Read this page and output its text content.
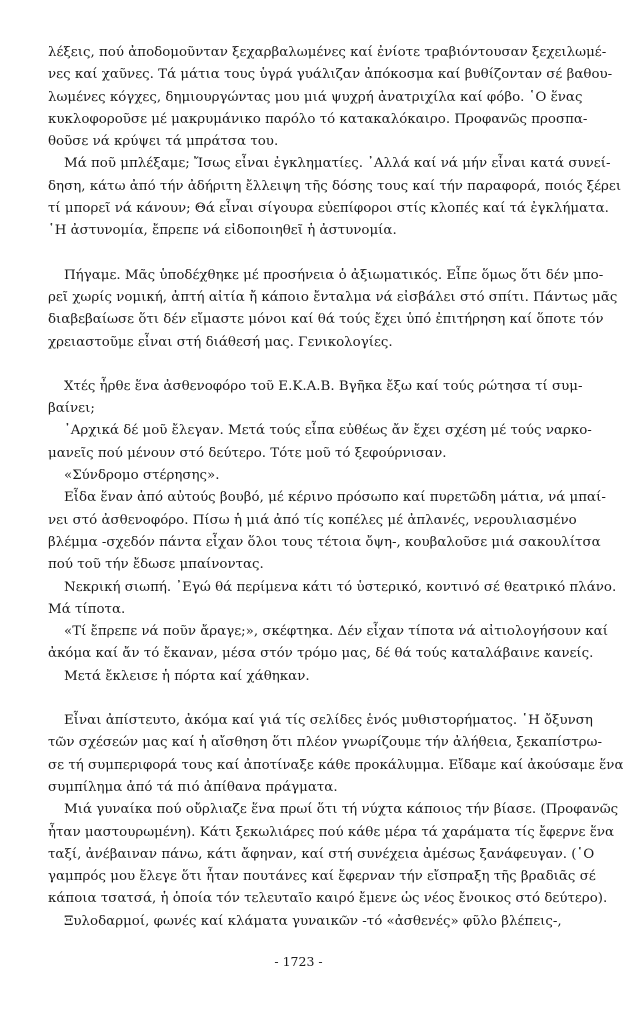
λέξεις, πού ἀποδομοῦνταν ξεχαρβαλωμένες καί ἐνίοτε τραβιόντουσαν ξεχειλωμέ-
νες καί χαῦνες. Τά μάτια τους ὑγρά γυάλιζαν ἀπόκοσμα καί βυθίζονταν σέ βαθου-
λωμένες κόγχες, δημιουργώντας μου μιά ψυχρή ἀνατριχίλα καί φόβο. ῾Ο ἕνας
κυκλοφοροῦσε μέ μακρυμάνικο παρόλο τό κατακαλόκαιρο. Προφανῶς προσπα-
θοῦσε νά κρύψει τά μπράτσα του.
Μά ποῦ μπλέξαμε; Ἴσως εἶναι ἐγκληματίες. ᾿Αλλά καί νά μήν εἶναι κατά συνεί-
δηση, κάτω ἀπό τήν ἀδήριτη ἔλλειψη τῆς δόσης τους καί τήν παραφορά, ποιός ξέρει
τί μπορεῖ νά κάνουν; Θά εἶναι σίγουρα εὐεπίφοροι στίς κλοπές καί τά ἐγκλήματα.
῾Η ἀστυνομία, ἔπρεπε νά εἰδοποιηθεῖ ἡ ἀστυνομία.
Πήγαμε. Μᾶς ὑποδέχθηκε μέ προσήνεια ὁ ἀξιωματικός. Εἶπε ὅμως ὅτι δέν μπο-
ρεῖ χωρίς νομική, ἀπτή αἰτία ἤ κάποιο ἔνταλμα νά εἰσβάλει στό σπίτι. Πάντως μᾶς
διαβεβαίωσε ὅτι δέν εἴμαστε μόνοι καί θά τούς ἔχει ὑπό ἐπιτήρηση καί ὅποτε τόν
χρειαστοῦμε εἶναι στή διάθεσή μας. Γενικολογίες.
Χτές ἦρθε ἕνα ἀσθενοφόρο τοῦ Ε.Κ.Α.Β. Βγῆκα ἔξω καί τούς ρώτησα τί συμ-
βαίνει;
᾿Αρχικά δέ μοῦ ἔλεγαν. Μετά τούς εἶπα εὐθέως ἄν ἔχει σχέση μέ τούς ναρκο-
μανεῖς πού μένουν στό δεύτερο. Τότε μοῦ τό ξεφούρνισαν.
«Σύνδρομο στέρησης».
Εἶδα ἕναν ἀπό αὐτούς βουβό, μέ κέρινο πρόσωπο καί πυρετῶδη μάτια, νά μπαί-
νει στό ἀσθενοφόρο. Πίσω ἡ μιά ἀπό τίς κοπέλες μέ ἀπλανές, νερουλιασμένο
βλέμμα -σχεδόν πάντα εἶχαν ὅλοι τους τέτοια ὄψη-, κουβαλοῦσε μιά σακουλίτσα
πού τοῦ τήν ἔδωσε μπαίνοντας.
Νεκρική σιωπή. ᾿Εγώ θά περίμενα κάτι τό ὑστερικό, κοντινό σέ θεατρικό πλάνο.
Μά τίποτα.
«Τί ἔπρεπε νά ποῦν ἄραγε;», σκέφτηκα. Δέν εἶχαν τίποτα νά αἰτιολογήσουν καί
ἀκόμα καί ἄν τό ἔκαναν, μέσα στόν τρόμο μας, δέ θά τούς καταλάβαινε κανείς.
Μετά ἔκλεισε ἡ πόρτα καί χάθηκαν.
Εἶναι ἀπίστευτο, ἀκόμα καί γιά τίς σελίδες ἑνός μυθιστορήματος. ῾Η ὄξυνση
τῶν σχέσεών μας καί ἡ αἴσθηση ὅτι πλέον γνωρίζουμε τήν ἀλήθεια, ξεκαπίστρω-
σε τή συμπεριφορά τους καί ἀποτίναξε κάθε προκάλυμμα. Εἴδαμε καί ἀκούσαμε ἕνα
συμπίλημα ἀπό τά πιό ἀπίθανα πράγματα.
Μιά γυναίκα πού οὔρλιαζε ἕνα πρωί ὅτι τή νύχτα κάποιος τήν βίασε. (Προφανῶς
ἦταν μαστουρωμένη). Κάτι ξεκωλιάρες πού κάθε μέρα τά χαράματα τίς ἔφερνε ἕνα
ταξί, ἀνέβαιναν πάνω, κάτι ἄφηναν, καί στή συνέχεια ἀμέσως ξανάφευγαν. (῾Ο
γαμπρός μου ἔλεγε ὅτι ἦταν πουτάνες καί ἔφερναν τήν εἴσπραξη τῆς βραδιᾶς σέ
κάποια τσατσά, ἡ ὁποία τόν τελευταῖο καιρό ἔμενε ὡς νέος ἔνοικος στό δεύτερο).
Ξυλοδαρμοί, φωνές καί κλάματα γυναικῶν -τό «ἀσθενές» φῦλο βλέπεις-,
- 1723 -
